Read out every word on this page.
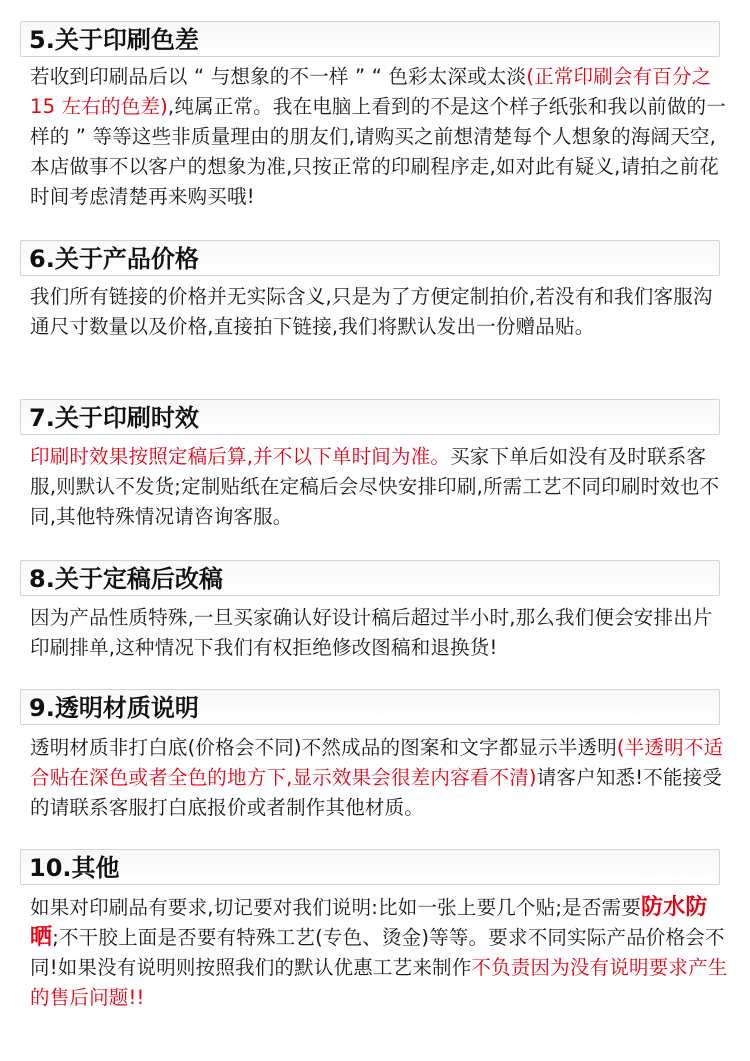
5.关于印刷色差
若收到印刷品后以 “ 与想象的不一样 ” “ 色彩太深或太淡(正常印刷会有百分之 15 左右的色差),纯属正常。我在电脑上看到的不是这个样子纸张和我以前做的一样的 ” 等等这些非质量理由的朋友们,请购买之前想清楚每个人想象的海阔天空,本店做事不以客户的想象为准,只按正常的印刷程序走,如对此有疑义,请拍之前花时间考虑清楚再来购买哦!
6.关于产品价格
我们所有链接的价格并无实际含义,只是为了方便定制拍价,若没有和我们客服沟通尺寸数量以及价格,直接拍下链接,我们将默认发出一份赠品贴。
7.关于印刷时效
印刷时效果按照定稿后算,并不以下单时间为准。买家下单后如没有及时联系客服,则默认不发货;定制贴纸在定稿后会尽快安排印刷,所需工艺不同印刷时效也不同,其他特殊情况请咨询客服。
8.关于定稿后改稿
因为产品性质特殊,一旦买家确认好设计稿后超过半小时,那么我们便会安排出片印刷排单,这种情况下我们有权拒绝修改图稿和退换货!
9.透明材质说明
透明材质非打白底(价格会不同)不然成品的图案和文字都显示半透明(半透明不适合贴在深色或者全色的地方下,显示效果会很差内容看不清)请客户知悉!不能接受的请联系客服打白底报价或者制作其他材质。
10.其他
如果对印刷品有要求,切记要对我们说明:比如一张上要几个贴;是否需要防水防晒;不干胶上面是否要有特殊工艺(专色、烫金)等等。要求不同实际产品价格会不同!如果没有说明则按照我们的默认优惠工艺来制作不负责因为没有说明要求产生的售后问题!!
